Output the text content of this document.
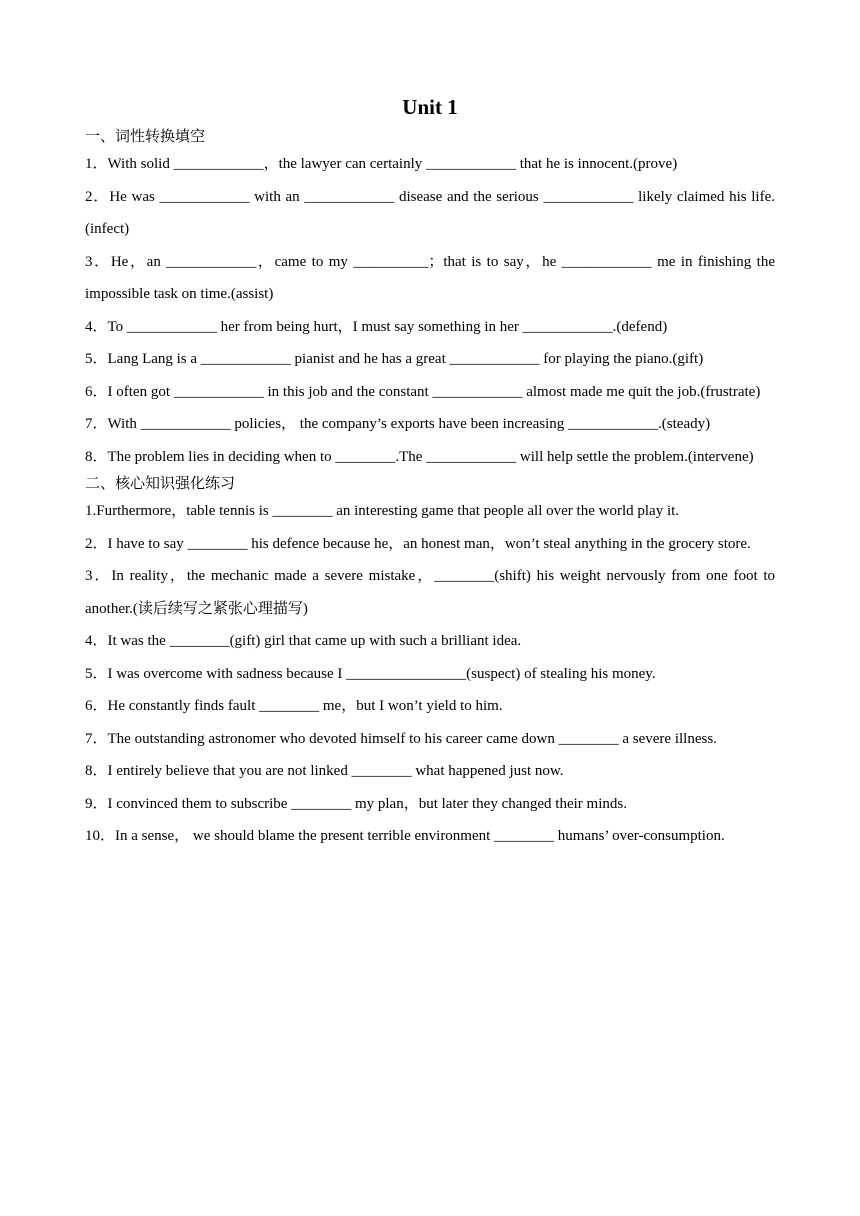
Unit 1
一、词性转换填空
1．With solid ____________，the lawyer can certainly ____________ that he is innocent.(prove)
2．He was ____________ with an ____________ disease and the serious ____________ likely claimed his life.(infect)
3．He，an ____________，came to my __________；that is to say，he ____________ me in finishing the impossible task on time.(assist)
4．To ____________ her from being hurt，I must say something in her ____________.(defend)
5．Lang Lang is a ____________ pianist and he has a great ____________ for playing the piano.(gift)
6．I often got ____________ in this job and the constant ____________ almost made me quit the job.(frustrate)
7．With ____________ policies， the company’s exports have been increasing ____________.(steady)
8．The problem lies in deciding when to ________.The ____________ will help settle the problem.(intervene)
二、核心知识强化练习
1.Furthermore，table tennis is ________ an interesting game that people all over the world play it.
2．I have to say ________ his defence because he，an honest man，won’t steal anything in the grocery store.
3．In reality，the mechanic made a severe mistake，________(shift) his weight nervously from one foot to another.(读后续写之紧张心理描写)
4．It was the ________(gift) girl that came up with such a brilliant idea.
5．I was overcome with sadness because I ________________(suspect) of stealing his money.
6．He constantly finds fault ________ me，but I won’t yield to him.
7．The outstanding astronomer who devoted himself to his career came down ________ a severe illness.
8．I entirely believe that you are not linked ________ what happened just now.
9．I convinced them to subscribe ________ my plan，but later they changed their minds.
10．In a sense， we should blame the present terrible environment ________ humans’ over-consumption.
